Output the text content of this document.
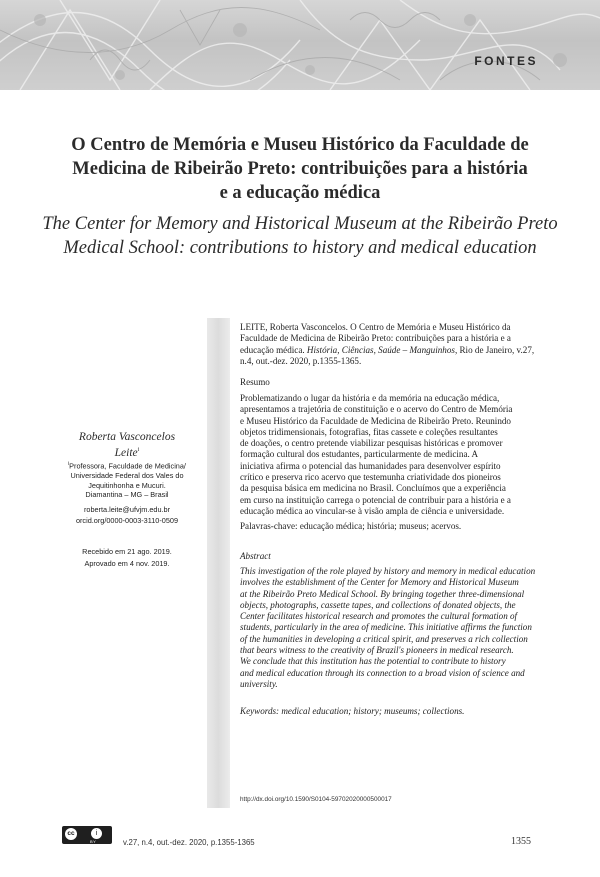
FONTES
O Centro de Memória e Museu Histórico da Faculdade de
Medicina de Ribeirão Preto: contribuições para a história
e a educação médica
The Center for Memory and Historical Museum at the Ribeirão Preto
Medical School: contributions to history and medical education
Roberta Vasconcelos
Leite$^i$
$^i$Professora, Faculdade de Medicina/
Universidade Federal dos Vales do
Jequitinhonha e Mucuri.
Diamantina – MG – Brasil
roberta.leite@ufvjm.edu.br
orcid.org/0000-0003-3110-0509
Recebido em 21 ago. 2019.
Aprovado em 4 nov. 2019.
LEITE, Roberta Vasconcelos. O Centro de Memória e Museu Histórico da Faculdade de Medicina de Ribeirão Preto: contribuições para a história e a educação médica. História, Ciências, Saúde – Manguinhos, Rio de Janeiro, v.27, n.4, out.-dez. 2020, p.1355-1365.
Resumo
Problematizando o lugar da história e da memória na educação médica,
apresentamos a trajetória de constituição e o acervo do Centro de Memória
e Museu Histórico da Faculdade de Medicina de Ribeirão Preto. Reunindo
objetos tridimensionais, fotografias, fitas cassete e coleções resultantes
de doações, o centro pretende viabilizar pesquisas históricas e promover
formação cultural dos estudantes, particularmente de medicina. A
iniciativa afirma o potencial das humanidades para desenvolver espírito
crítico e preserva rico acervo que testemunha criatividade dos pioneiros
da pesquisa básica em medicina no Brasil. Concluímos que a experiência
em curso na instituição carrega o potencial de contribuir para a história e a
educação médica ao vincular-se à visão ampla de ciência e universidade.
Palavras-chave: educação médica; história; museus; acervos.
Abstract
This investigation of the role played by history and memory in medical education
involves the establishment of the Center for Memory and Historical Museum
at the Ribeirão Preto Medical School. By bringing together three-dimensional
objects, photographs, cassette tapes, and collections of donated objects, the
Center facilitates historical research and promotes the cultural formation of
students, particularly in the area of medicine. This initiative affirms the function
of the humanities in developing a critical spirit, and preserves a rich collection
that bears witness to the creativity of Brazil's pioneers in medical research.
We conclude that this institution has the potential to contribute to history
and medical education through its connection to a broad vision of science and
university.
Keywords: medical education; history; museums; collections.
http://dx.doi.org/10.1590/S0104-59702020000500017
cc	i
BY	v.27, n.4, out.-dez. 2020, p.1355-1365	1355
